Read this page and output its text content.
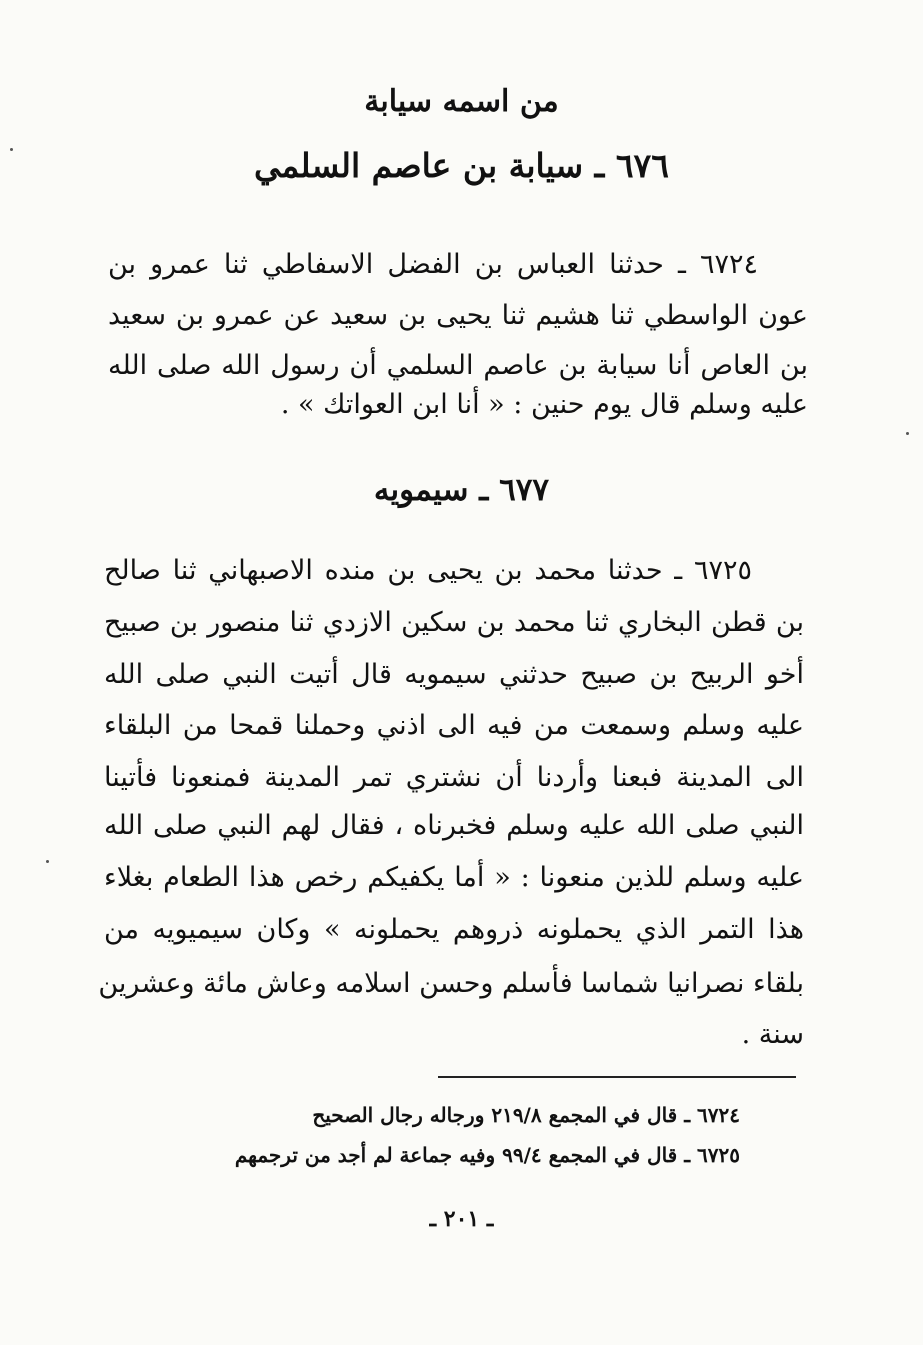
من اسمه سيابة
٦٧٦ ـ سيابة بن عاصم السلمي
٦٧٢٤ ـ حدثنا العباس بن الفضل الاسفاطي ثنا عمرو بن
عون الواسطي ثنا هشيم ثنا يحيى بن سعيد عن عمرو بن سعيد
بن العاص أنا سيابة بن عاصم السلمي أن رسول الله صلى الله
عليه وسلم قال يوم حنين : « أنا ابن العواتك » .
٦٧٧ ـ سيمويه
٦٧٢٥ ـ حدثنا محمد بن يحيى بن منده الاصبهاني ثنا صالح
بن قطن البخاري ثنا محمد بن سكين الازدي ثنا منصور بن صبيح
أخو الربيح بن صبيح حدثني سيمويه قال أتيت النبي صلى الله
عليه وسلم وسمعت من فيه الى اذني وحملنا قمحا من البلقاء
الى المدينة فبعنا وأردنا أن نشتري تمر المدينة فمنعونا فأتينا
النبي صلى الله عليه وسلم فخبرناه ، فقال لهم النبي صلى الله
عليه وسلم للذين منعونا : « أما يكفيكم رخص هذا الطعام بغلاء
هذا التمر الذي يحملونه ذروهم يحملونه » وكان سيميويه من
بلقاء نصرانيا شماسا فأسلم وحسن اسلامه وعاش مائة وعشرين
سنة .
٦٧٢٤ ـ قال في المجمع ٢١٩/٨ ورجاله رجال الصحيح
٦٧٢٥ ـ قال في المجمع ٩٩/٤ وفيه جماعة لم أجد من ترجمهم
ـ ٢٠١ ـ
